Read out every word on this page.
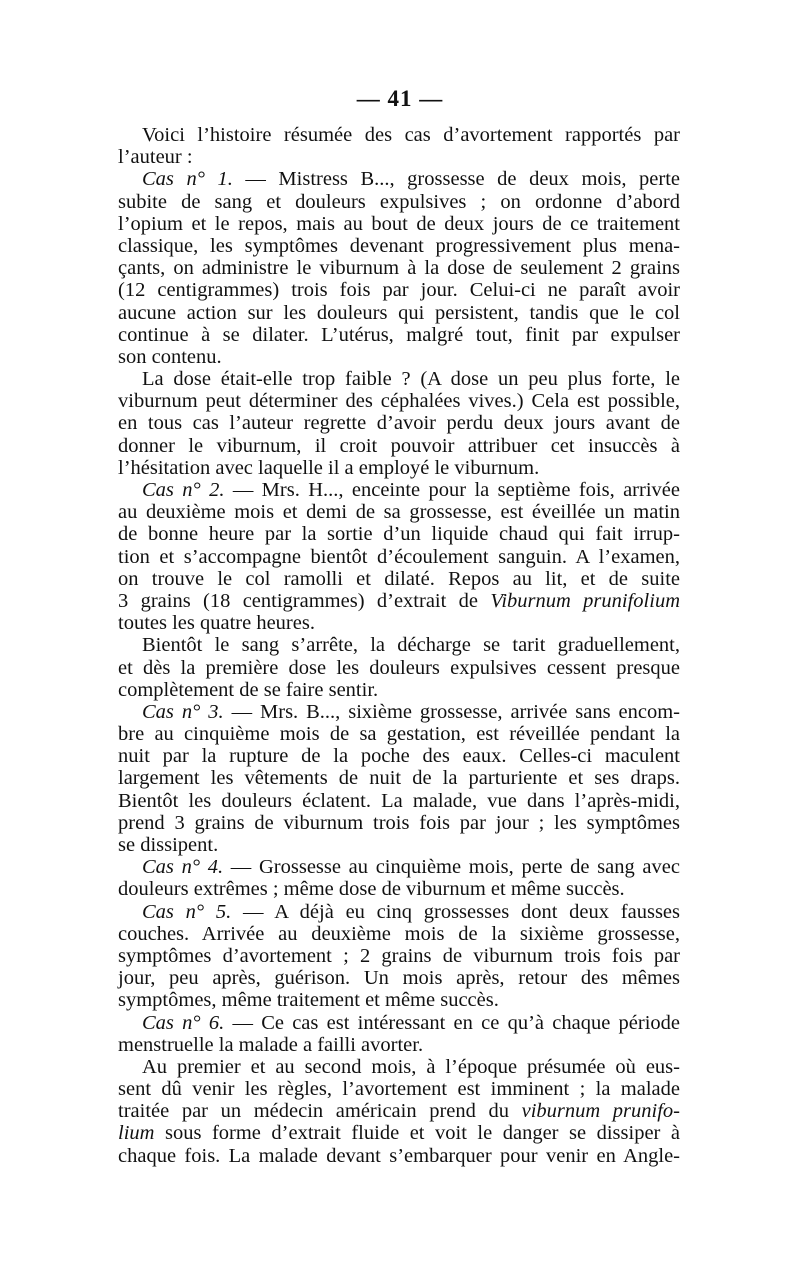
— 41 —
Voici l’histoire résumée des cas d’avortement rapportés par
l’auteur :
Cas n° 1. — Mistress B..., grossesse de deux mois, perte
subite de sang et douleurs expulsives ; on ordonne d’abord
l’opium et le repos, mais au bout de deux jours de ce traitement
classique, les symptômes devenant progressivement plus mena-
çants, on administre le viburnum à la dose de seulement 2 grains
(12 centigrammes) trois fois par jour. Celui-ci ne paraît avoir
aucune action sur les douleurs qui persistent, tandis que le col
continue à se dilater. L’utérus, malgré tout, finit par expulser
son contenu.
La dose était-elle trop faible ? (A dose un peu plus forte, le
viburnum peut déterminer des céphalées vives.) Cela est possible,
en tous cas l’auteur regrette d’avoir perdu deux jours avant de
donner le viburnum, il croit pouvoir attribuer cet insuccès à
l’hésitation avec laquelle il a employé le viburnum.
Cas n° 2. — Mrs. H..., enceinte pour la septième fois, arrivée
au deuxième mois et demi de sa grossesse, est éveillée un matin
de bonne heure par la sortie d’un liquide chaud qui fait irrup-
tion et s’accompagne bientôt d’écoulement sanguin. A l’examen,
on trouve le col ramolli et dilaté. Repos au lit, et de suite
3 grains (18 centigrammes) d’extrait de Viburnum prunifolium
toutes les quatre heures.
Bientôt le sang s’arrête, la décharge se tarit graduellement,
et dès la première dose les douleurs expulsives cessent presque
complètement de se faire sentir.
Cas n° 3. — Mrs. B..., sixième grossesse, arrivée sans encom-
bre au cinquième mois de sa gestation, est réveillée pendant la
nuit par la rupture de la poche des eaux. Celles-ci maculent
largement les vêtements de nuit de la parturiente et ses draps.
Bientôt les douleurs éclatent. La malade, vue dans l’après-midi,
prend 3 grains de viburnum trois fois par jour ; les symptômes
se dissipent.
Cas n° 4. — Grossesse au cinquième mois, perte de sang avec
douleurs extrêmes ; même dose de viburnum et même succès.
Cas n° 5. — A déjà eu cinq grossesses dont deux fausses
couches. Arrivée au deuxième mois de la sixième grossesse,
symptômes d’avortement ; 2 grains de viburnum trois fois par
jour, peu après, guérison. Un mois après, retour des mêmes
symptômes, même traitement et même succès.
Cas n° 6. — Ce cas est intéressant en ce qu’à chaque période
menstruelle la malade a failli avorter.
Au premier et au second mois, à l’époque présumée où eus-
sent dû venir les règles, l’avortement est imminent ; la malade
traitée par un médecin américain prend du viburnum prunifo-
lium sous forme d’extrait fluide et voit le danger se dissiper à
chaque fois. La malade devant s’embarquer pour venir en Angle-
